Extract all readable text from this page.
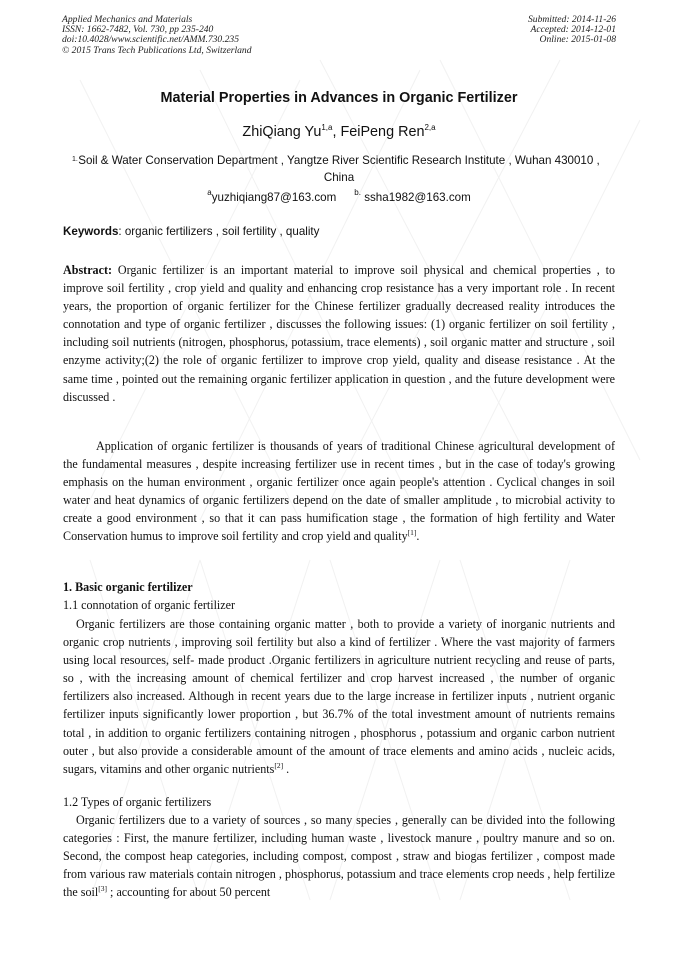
Applied Mechanics and Materials
ISSN: 1662-7482, Vol. 730, pp 235-240
doi:10.4028/www.scientific.net/AMM.730.235
© 2015 Trans Tech Publications Ltd, Switzerland
Submitted: 2014-11-26
Accepted: 2014-12-01
Online: 2015-01-08
Material Properties in Advances in Organic Fertilizer
ZhiQiang Yu$^{1,a}$, FeiPeng Ren$^{2,a}$
1. Soil & Water Conservation Department , Yangtze River Scientific Research Institute , Wuhan 430010 , China
$^a$yuzhiqiang87@163.com $^{b.}$ ssha1982@163.com
Keywords: organic fertilizers , soil fertility , quality

Abstract: Organic fertilizer is an important material to improve soil physical and chemical properties , to improve soil fertility , crop yield and quality and enhancing crop resistance has a very important role . In recent years, the proportion of organic fertilizer for the Chinese fertilizer gradually decreased reality introduces the connotation and type of organic fertilizer , discusses the following issues: (1) organic fertilizer on soil fertility , including soil nutrients (nitrogen, phosphorus, potassium, trace elements) , soil organic matter and structure , soil enzyme activity;(2) the role of organic fertilizer to improve crop yield, quality and disease resistance . At the same time , pointed out the remaining organic fertilizer application in question , and the future development were discussed .

Application of organic fertilizer is thousands of years of traditional Chinese agricultural development of the fundamental measures , despite increasing fertilizer use in recent times , but in the case of today's growing emphasis on the human environment , organic fertilizer once again people's attention . Cyclical changes in soil water and heat dynamics of organic fertilizers depend on the date of smaller amplitude , to microbial activity to create a good environment , so that it can pass humification stage , the formation of high fertility and Water Conservation humus to improve soil fertility and crop yield and quality[1].

1. Basic organic fertilizer
1.1 connotation of organic fertilizer

Organic fertilizers are those containing organic matter , both to provide a variety of inorganic nutrients and organic crop nutrients , improving soil fertility but also a kind of fertilizer . Where the vast majority of farmers using local resources, self- made product .Organic fertilizers in agriculture nutrient recycling and reuse of parts, so , with the increasing amount of chemical fertilizer and crop harvest increased , the number of organic fertilizers also increased. Although in recent years due to the large increase in fertilizer inputs , nutrient organic fertilizer inputs significantly lower proportion , but 36.7% of the total investment amount of nutrients remains total , in addition to organic fertilizers containing nitrogen , phosphorus , potassium and organic carbon nutrient outer , but also provide a considerable amount of the amount of trace elements and amino acids , nucleic acids, sugars, vitamins and other organic nutrients[2] .

1.2 Types of organic fertilizers

Organic fertilizers due to a variety of sources , so many species , generally can be divided into the following categories : First, the manure fertilizer, including human waste , livestock manure , poultry manure and so on. Second, the compost heap categories, including compost, compost , straw and biogas fertilizer , compost made from various raw materials contain nitrogen , phosphorus, potassium and trace elements crop needs , help fertilize the soil[3] ; accounting for about 50 percent
